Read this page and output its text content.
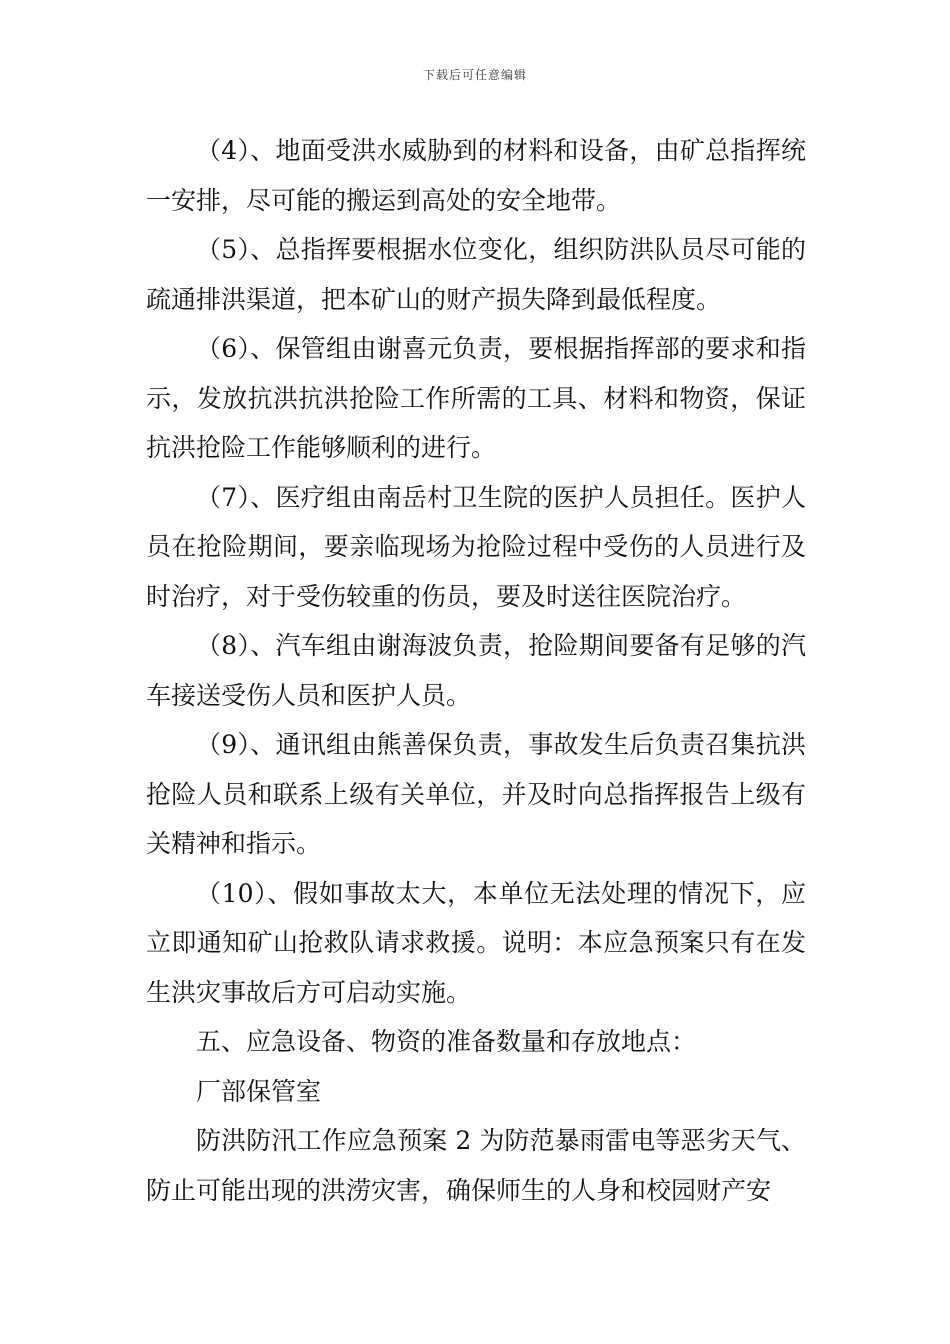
下载后可任意编辑

（4）、地面受洪水威胁到的材料和设备，由矿总指挥统一安排，尽可能的搬运到高处的安全地带。

（5）、总指挥要根据水位变化，组织防洪队员尽可能的疏通排洪渠道，把本矿山的财产损失降到最低程度。

（6）、保管组由谢喜元负责，要根据指挥部的要求和指示，发放抗洪抗洪抢险工作所需的工具、材料和物资，保证抗洪抢险工作能够顺利的进行。

（7）、医疗组由南岳村卫生院的医护人员担任。医护人员在抢险期间，要亲临现场为抢险过程中受伤的人员进行及时治疗，对于受伤较重的伤员，要及时送往医院治疗。

（8）、汽车组由谢海波负责，抢险期间要备有足够的汽车接送受伤人员和医护人员。

（9）、通讯组由熊善保负责，事故发生后负责召集抗洪抢险人员和联系上级有关单位，并及时向总指挥报告上级有关精神和指示。

（10）、假如事故太大，本单位无法处理的情况下，应立即通知矿山抢救队请求救援。说明：本应急预案只有在发生洪灾事故后方可启动实施。

五、应急设备、物资的准备数量和存放地点：

厂部保管室

防洪防汛工作应急预案 2 为防范暴雨雷电等恶劣天气、防止可能出现的洪涝灾害，确保师生的人身和校园财产安
